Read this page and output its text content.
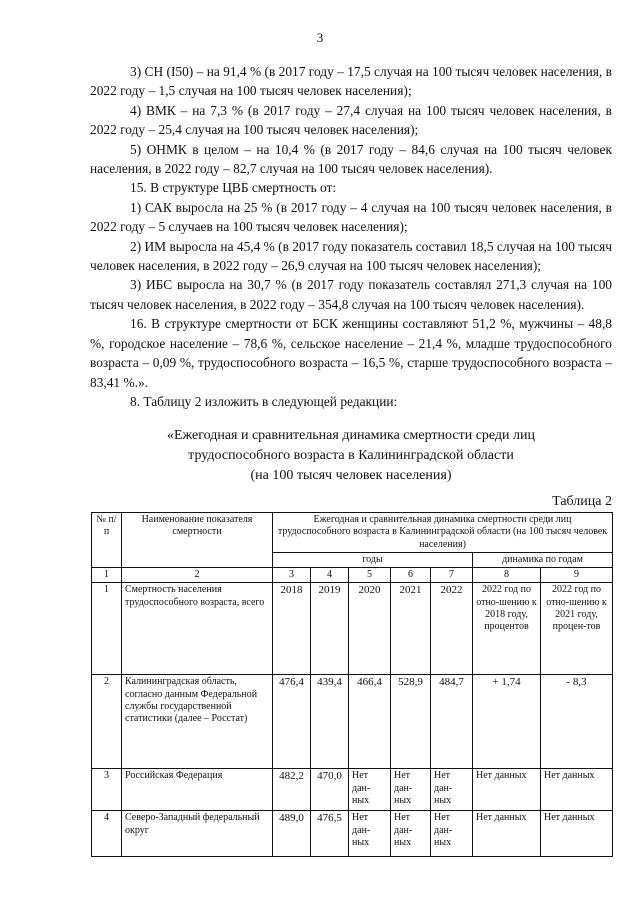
3

3) СН (I50) – на 91,4 % (в 2017 году – 17,5 случая на 100 тысяч человек населения, в 2022 году – 1,5 случая на 100 тысяч человек населения);

4) ВМК – на 7,3 % (в 2017 году – 27,4 случая на 100 тысяч человек населения, в 2022 году – 25,4 случая на 100 тысяч человек населения);

5) ОНМК в целом – на 10,4 % (в 2017 году – 84,6 случая на 100 тысяч человек населения, в 2022 году – 82,7 случая на 100 тысяч человек населения).

15. В структуре ЦВБ смертность от:

1) САК выросла на 25 % (в 2017 году – 4 случая на 100 тысяч человек населения, в 2022 году – 5 случаев на 100 тысяч человек населения);

2) ИМ выросла на 45,4 % (в 2017 году показатель составил 18,5 случая на 100 тысяч человек населения, в 2022 году – 26,9 случая на 100 тысяч человек населения);

3) ИБС выросла на 30,7 % (в 2017 году показатель составлял 271,3 случая на 100 тысяч человек населения, в 2022 году – 354,8 случая на 100 тысяч человек населения).

16. В структуре смертности от БСК женщины составляют 51,2 %, мужчины – 48,8 %, городское население – 78,6 %, сельское население – 21,4 %, младше трудоспособного возраста – 0,09 %, трудоспособного возраста – 16,5 %, старше трудоспособного возраста – 83,41 %.».

8. Таблицу 2 изложить в следующей редакции:

«Ежегодная и сравнительная динамика смертности среди лиц
трудоспособного возраста в Калининградской области
(на 100 тысяч человек населения)
Таблица 2
№ п/п	Наименование показателя смертности	Ежегодная и сравнительная динамика смертности среди лиц трудоспособного возраста в Калининградской области (на 100 тысяч человек населения)						
		годы					динамика по годам	
1	2	3	4	5	6	7	8	9
1	Смертность населения трудоспособного возраста, всего	2018	2019	2020	2021	2022	2022 год по отно-шению к 2018 году, процентов	2022 год по отно-шению к 2021 году, процен-тов
2	Калининградская область, согласно данным Федеральной службы государственной статистики (далее – Росстат)	476,4	439,4	466,4	528,9	484,7	+ 1,74	- 8,3
3	Российская Федерация	482,2	470,0	Нет дан-ных	Нет дан-ных	Нет дан-ных	Нет данных	Нет данных
4	Северо-Западный федеральный округ	489,0	476,5	Нет дан-ных	Нет дан-ных	Нет дан-ных	Нет данных	Нет данных
